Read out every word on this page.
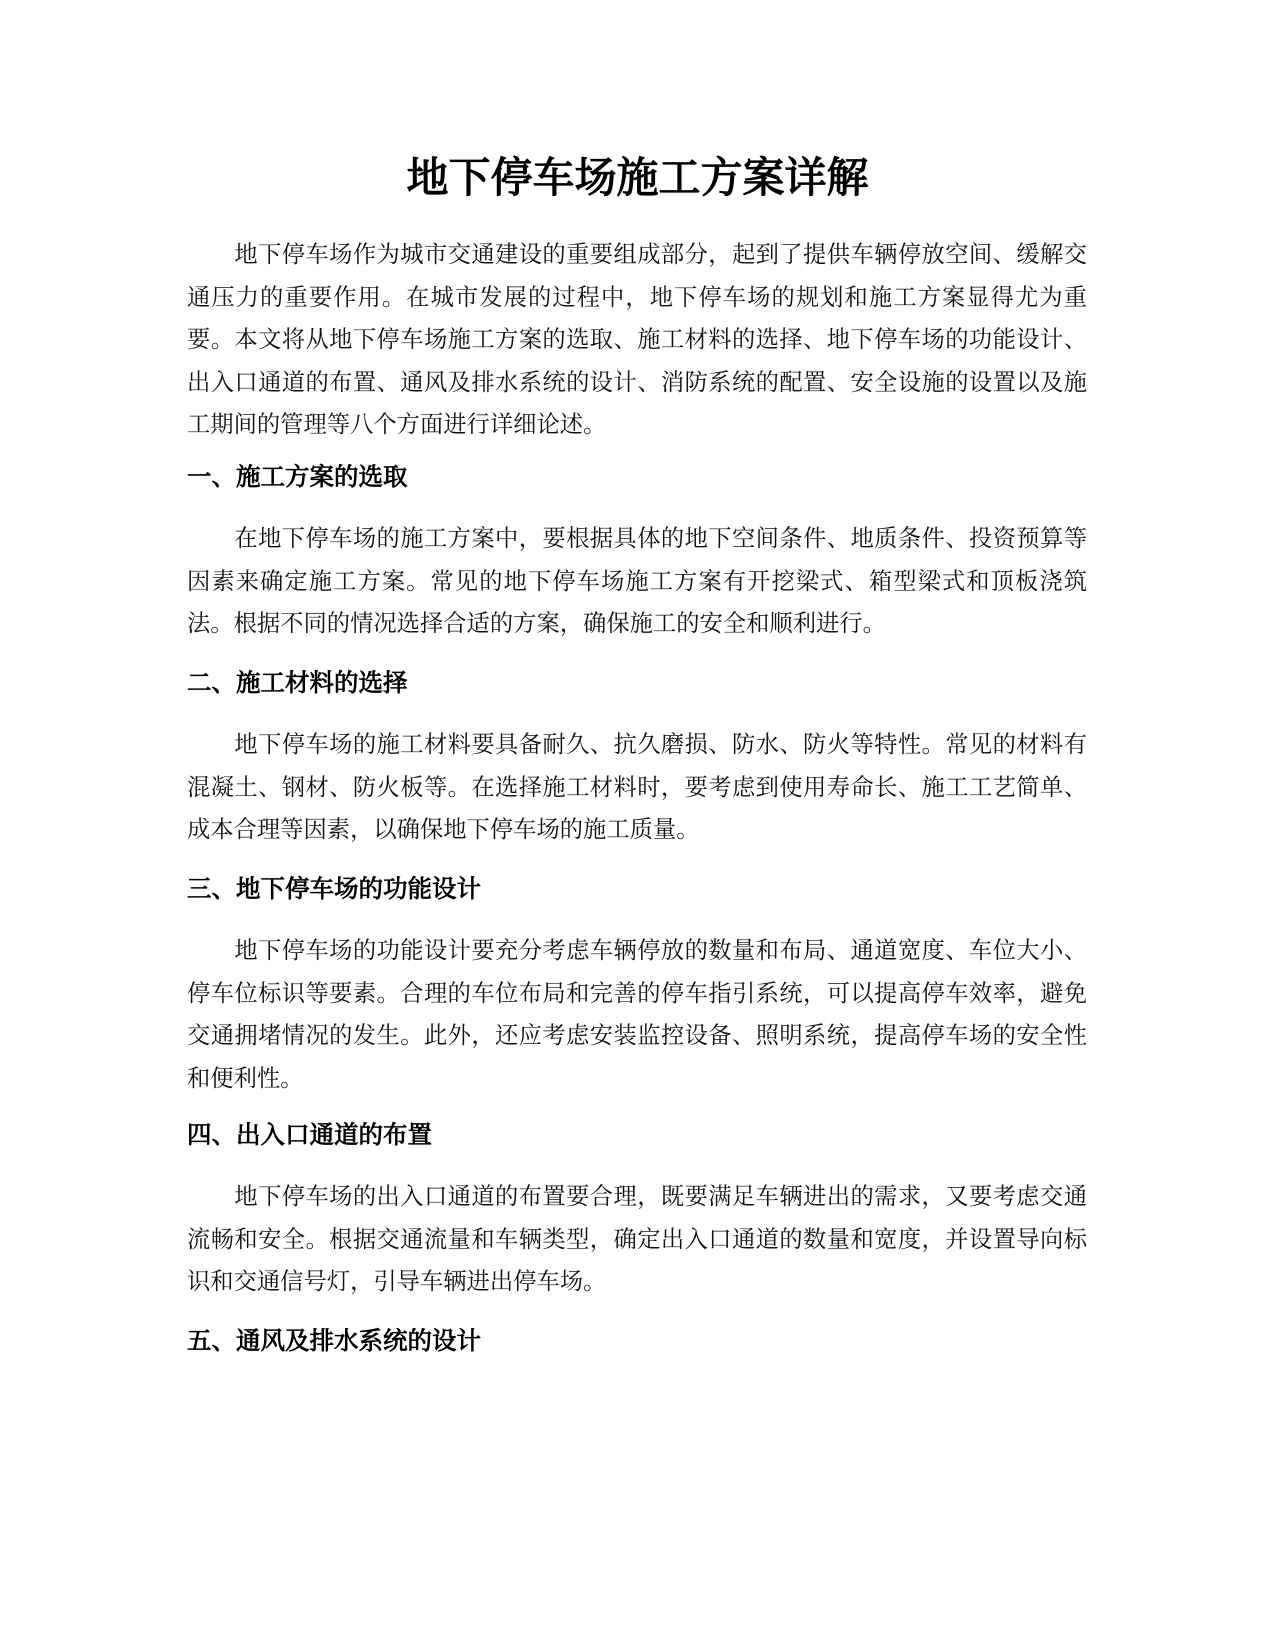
地下停车场施工方案详解

　　地下停车场作为城市交通建设的重要组成部分，起到了提供车辆停放空间、缓解交通压力的重要作用。在城市发展的过程中，地下停车场的规划和施工方案显得尤为重要。本文将从地下停车场施工方案的选取、施工材料的选择、地下停车场的功能设计、出入口通道的布置、通风及排水系统的设计、消防系统的配置、安全设施的设置以及施工期间的管理等八个方面进行详细论述。

一、施工方案的选取

　　在地下停车场的施工方案中，要根据具体的地下空间条件、地质条件、投资预算等因素来确定施工方案。常见的地下停车场施工方案有开挖梁式、箱型梁式和顶板浇筑法。根据不同的情况选择合适的方案，确保施工的安全和顺利进行。

二、施工材料的选择

　　地下停车场的施工材料要具备耐久、抗久磨损、防水、防火等特性。常见的材料有混凝土、钢材、防火板等。在选择施工材料时，要考虑到使用寿命长、施工工艺简单、成本合理等因素，以确保地下停车场的施工质量。

三、地下停车场的功能设计

　　地下停车场的功能设计要充分考虑车辆停放的数量和布局、通道宽度、车位大小、停车位标识等要素。合理的车位布局和完善的停车指引系统，可以提高停车效率，避免交通拥堵情况的发生。此外，还应考虑安装监控设备、照明系统，提高停车场的安全性和便利性。

四、出入口通道的布置

　　地下停车场的出入口通道的布置要合理，既要满足车辆进出的需求，又要考虑交通流畅和安全。根据交通流量和车辆类型，确定出入口通道的数量和宽度，并设置导向标识和交通信号灯，引导车辆进出停车场。

五、通风及排水系统的设计
